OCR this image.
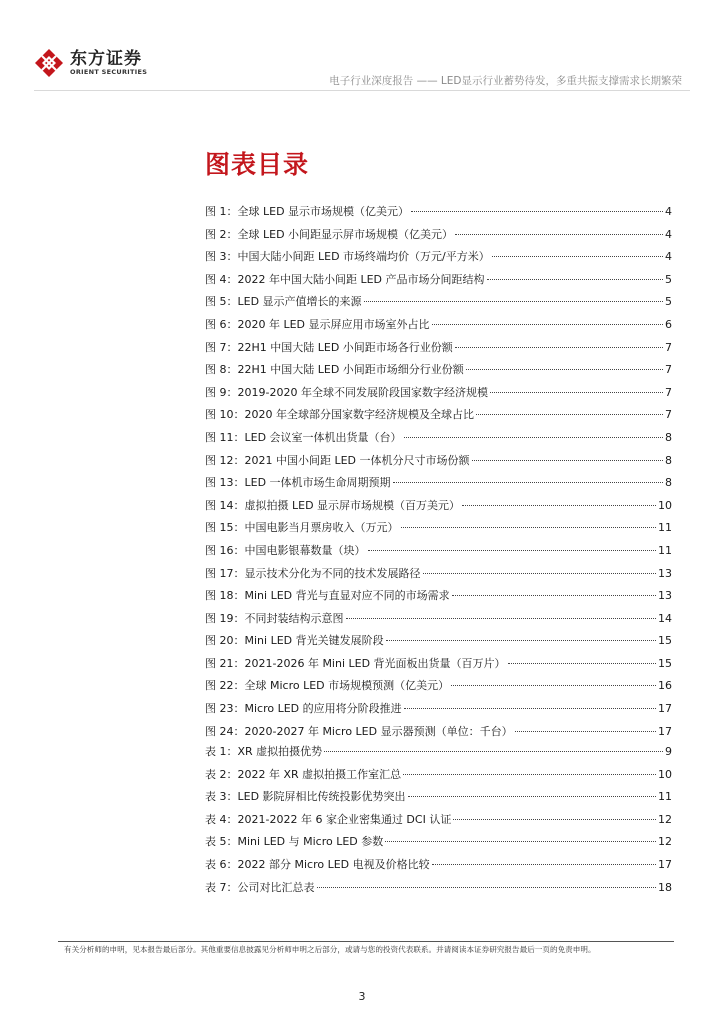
东方证券
ORIENT SECURITIES
电子行业深度报告 —— LED显示行业蓄势待发，多重共振支撑需求长期繁荣
图表目录
图 1：全球 LED 显示市场规模（亿美元）	4
图 2：全球 LED 小间距显示屏市场规模（亿美元）	4
图 3：中国大陆小间距 LED 市场终端均价（万元/平方米）	4
图 4：2022 年中国大陆小间距 LED 产品市场分间距结构	5
图 5：LED 显示产值增长的来源	5
图 6：2020 年 LED 显示屏应用市场室外占比	6
图 7：22H1 中国大陆 LED 小间距市场各行业份额	7
图 8：22H1 中国大陆 LED 小间距市场细分行业份额	7
图 9：2019-2020 年全球不同发展阶段国家数字经济规模	7
图 10：2020 年全球部分国家数字经济规模及全球占比	7
图 11：LED 会议室一体机出货量（台）	8
图 12：2021 中国小间距 LED 一体机分尺寸市场份额	8
图 13：LED 一体机市场生命周期预期	8
图 14：虚拟拍摄 LED 显示屏市场规模（百万美元）	10
图 15：中国电影当月票房收入（万元）	11
图 16：中国电影银幕数量（块）	11
图 17：显示技术分化为不同的技术发展路径	13
图 18：Mini LED 背光与直显对应不同的市场需求	13
图 19：不同封装结构示意图	14
图 20：Mini LED 背光关键发展阶段	15
图 21：2021-2026 年 Mini LED 背光面板出货量（百万片）	15
图 22：全球 Micro LED 市场规模预测（亿美元）	16
图 23：Micro LED 的应用将分阶段推进	17
图 24：2020-2027 年 Micro LED 显示器预测（单位：千台）	17
表 1：XR 虚拟拍摄优势	9
表 2：2022 年 XR 虚拟拍摄工作室汇总	10
表 3：LED 影院屏相比传统投影优势突出	11
表 4：2021-2022 年 6 家企业密集通过 DCI 认证	12
表 5：Mini LED 与 Micro LED 参数	12
表 6：2022 部分 Micro LED 电视及价格比较	17
表 7：公司对比汇总表	18
有关分析师的申明，见本报告最后部分。其他重要信息披露见分析师申明之后部分，或请与您的投资代表联系。并请阅读本证券研究报告最后一页的免责申明。
3
